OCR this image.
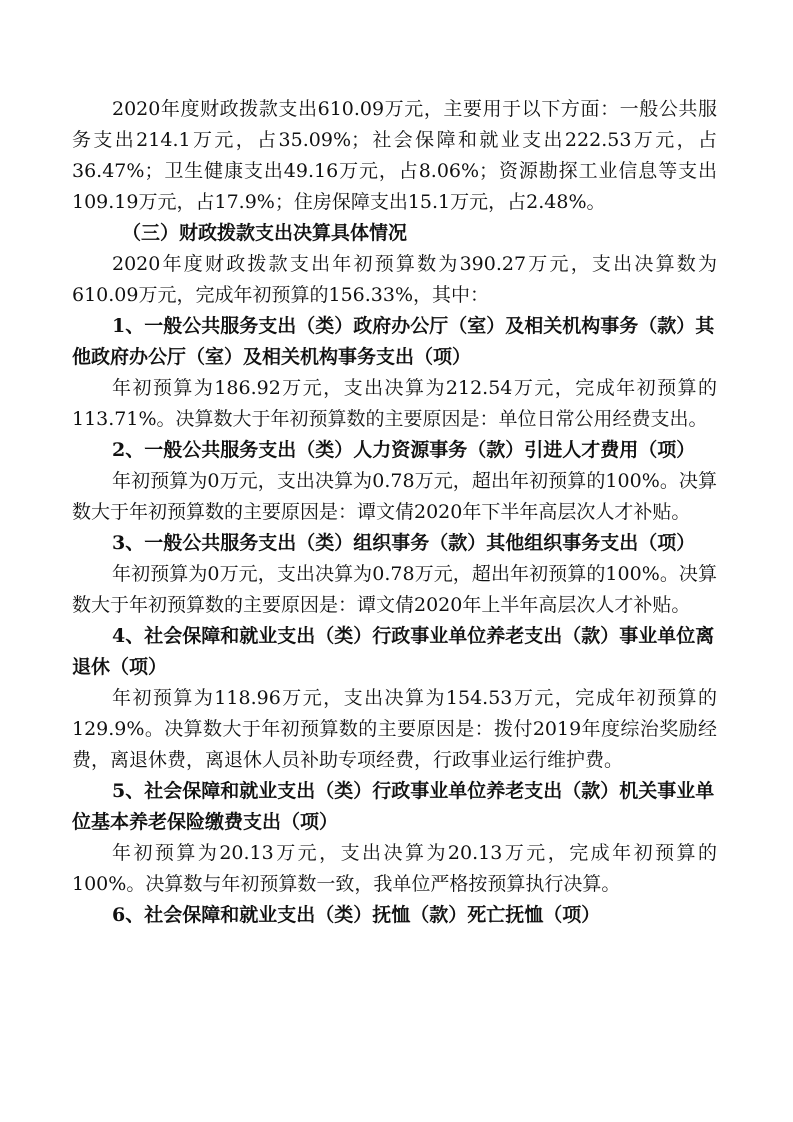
2020年度财政拨款支出610.09万元，主要用于以下方面：一般公共服务支出214.1万元，占35.09%；社会保障和就业支出222.53万元，占36.47%；卫生健康支出49.16万元，占8.06%；资源勘探工业信息等支出109.19万元，占17.9%；住房保障支出15.1万元，占2.48%。

（三）财政拨款支出决算具体情况

2020年度财政拨款支出年初预算数为390.27万元，支出决算数为610.09万元，完成年初预算的156.33%，其中：

1、一般公共服务支出（类）政府办公厅（室）及相关机构事务（款）其他政府办公厅（室）及相关机构事务支出（项）

年初预算为186.92万元，支出决算为212.54万元，完成年初预算的113.71%。决算数大于年初预算数的主要原因是：单位日常公用经费支出。

2、一般公共服务支出（类）人力资源事务（款）引进人才费用（项）

年初预算为0万元，支出决算为0.78万元，超出年初预算的100%。决算数大于年初预算数的主要原因是：谭文倩2020年下半年高层次人才补贴。

3、一般公共服务支出（类）组织事务（款）其他组织事务支出（项）

年初预算为0万元，支出决算为0.78万元，超出年初预算的100%。决算数大于年初预算数的主要原因是：谭文倩2020年上半年高层次人才补贴。

4、社会保障和就业支出（类）行政事业单位养老支出（款）事业单位离退休（项）

年初预算为118.96万元，支出决算为154.53万元，完成年初预算的129.9%。决算数大于年初预算数的主要原因是：拨付2019年度综治奖励经费，离退休费，离退休人员补助专项经费，行政事业运行维护费。

5、社会保障和就业支出（类）行政事业单位养老支出（款）机关事业单位基本养老保险缴费支出（项）

年初预算为20.13万元，支出决算为20.13万元，完成年初预算的100%。决算数与年初预算数一致，我单位严格按预算执行决算。

6、社会保障和就业支出（类）抚恤（款）死亡抚恤（项）
